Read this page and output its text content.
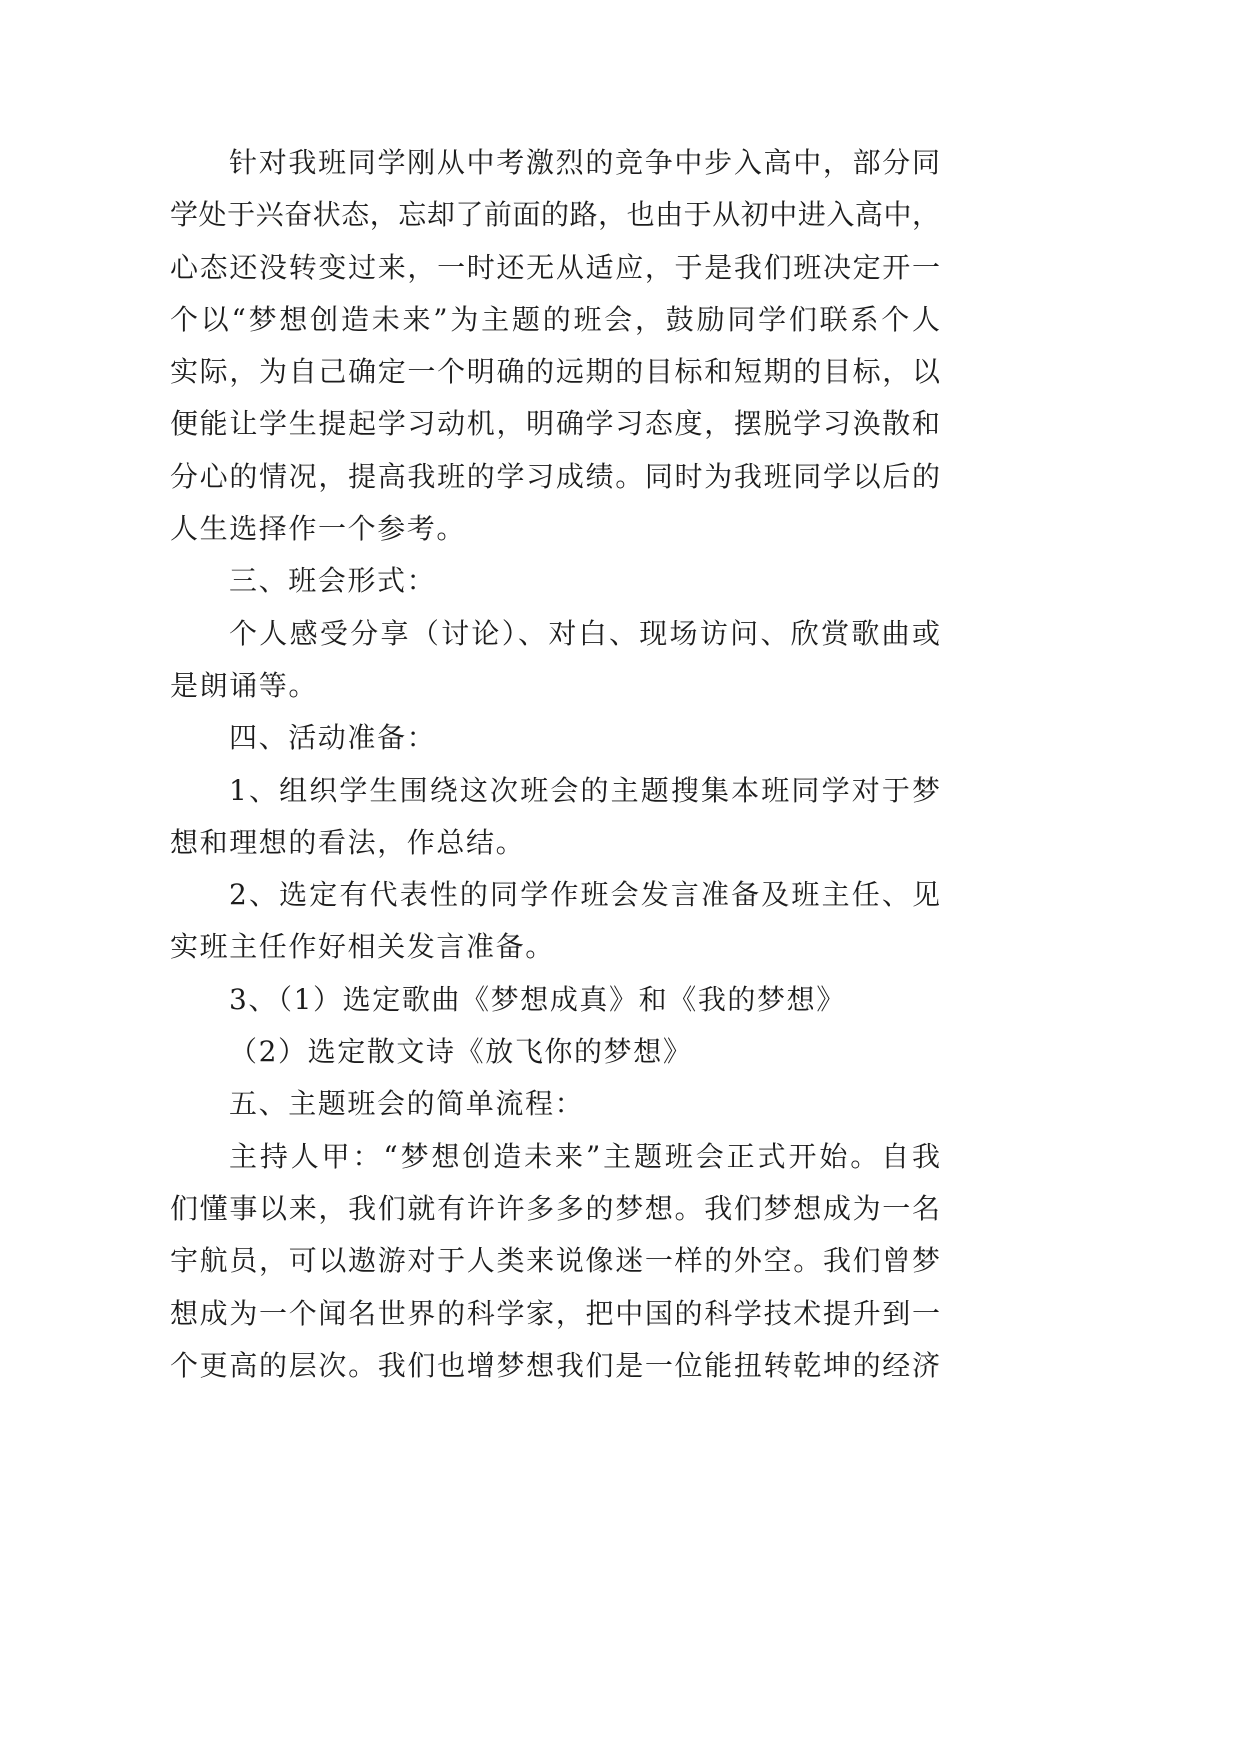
针对我班同学刚从中考激烈的竞争中步入高中，部分同
学处于兴奋状态，忘却了前面的路，也由于从初中进入高中，
心态还没转变过来，一时还无从适应，于是我们班决定开一
个以“梦想创造未来”为主题的班会，鼓励同学们联系个人
实际，为自己确定一个明确的远期的目标和短期的目标，以
便能让学生提起学习动机，明确学习态度，摆脱学习涣散和
分心的情况，提高我班的学习成绩。同时为我班同学以后的
人生选择作一个参考。
三、班会形式：
个人感受分享（讨论）、对白、现场访问、欣赏歌曲或
是朗诵等。
四、活动准备：
1、组织学生围绕这次班会的主题搜集本班同学对于梦
想和理想的看法，作总结。
2、选定有代表性的同学作班会发言准备及班主任、见
实班主任作好相关发言准备。
3、（1）选定歌曲《梦想成真》和《我的梦想》
（2）选定散文诗《放飞你的梦想》
五、主题班会的简单流程：
主持人甲：“梦想创造未来”主题班会正式开始。自我
们懂事以来，我们就有许许多多的梦想。我们梦想成为一名
宇航员，可以遨游对于人类来说像迷一样的外空。我们曾梦
想成为一个闻名世界的科学家，把中国的科学技术提升到一
个更高的层次。我们也增梦想我们是一位能扭转乾坤的经济
